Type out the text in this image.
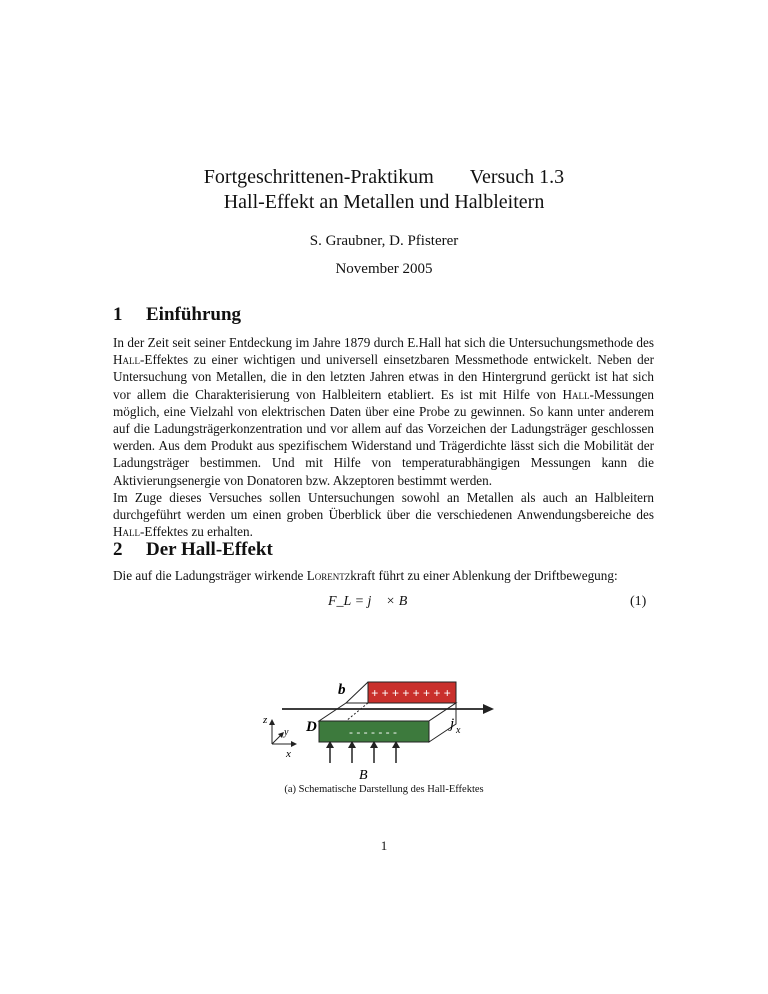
Fortgeschrittenen-Praktikum Versuch 1.3
Hall-Effekt an Metallen und Halbleitern
S. Graubner, D. Pfisterer
November 2005
1 Einführung

In der Zeit seit seiner Entdeckung im Jahre 1879 durch E.Hall hat sich die Untersuchungsmethode des Hall-Effektes zu einer wichtigen und universell einsetzbaren Messmethode entwickelt. Neben der Untersuchung von Metallen, die in den letzten Jahren etwas in den Hintergrund gerückt ist hat sich vor allem die Charakterisierung von Halbleitern etabliert. Es ist mit Hilfe von Hall-Messungen möglich, eine Vielzahl von elektrischen Daten über eine Probe zu gewinnen. So kann unter anderem auf die Ladungsträgerkonzentration und vor allem auf das Vorzeichen der Ladungsträger geschlossen werden. Aus dem Produkt aus spezifischem Widerstand und Trägerdichte lässt sich die Mobilität der Ladungsträger bestimmen. Und mit Hilfe von temperaturabhängigen Messungen kann die Aktivierungsenergie von Donatoren bzw. Akzeptoren bestimmt werden.

Im Zuge dieses Versuches sollen Untersuchungen sowohl an Metallen als auch an Halbleitern durchgeführt werden um einen groben Überblick über die verschiedenen Anwendungsbereiche des Hall-Effektes zu erhalten.

2 Der Hall-Effekt
Die auf die Ladungsträger wirkende Lorentzkraft führt zu einer Ablenkung der Driftbewegung:
F_L = j⃗ × B⃗	(1)
+ + + + + + + +
- - - - - - -
b
D	j x
z
y
x
B
(a) Schematische Darstellung des Hall-Effektes
1
